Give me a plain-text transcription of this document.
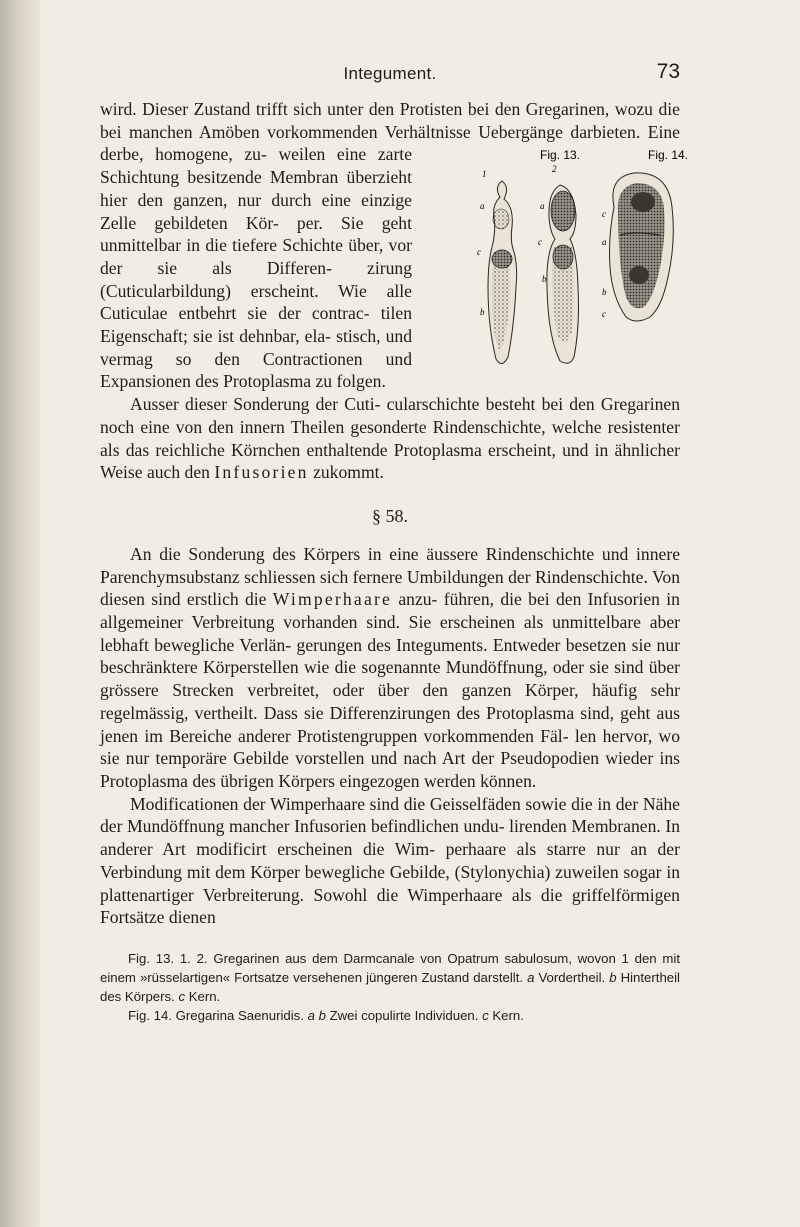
Integument.	73

wird. Dieser Zustand trifft sich unter den Protisten bei den Gregarinen, wozu die bei manchen Amöben vorkommenden Verhältnisse Uebergänge
Fig. 13.	Fig. 14.
1	2
a	a
c
c
b
b
c
a
b
c
darbieten. Eine derbe, homogene, zu- weilen eine zarte Schichtung besitzende Membran überzieht hier den ganzen, nur durch eine einzige Zelle gebildeten Kör- per. Sie geht unmittelbar in die tiefere Schichte über, vor der sie als Differen- zirung (Cuticularbildung) erscheint. Wie alle Cuticulae entbehrt sie der contrac- tilen Eigenschaft; sie ist dehnbar, ela- stisch, und vermag so den Contractionen und Expansionen des Protoplasma zu folgen.

Ausser dieser Sonderung der Cuti- cularschichte besteht bei den Gregarinen noch eine von den innern Theilen gesonderte Rindenschichte, welche resistenter als das reichliche Körnchen enthaltende Protoplasma erscheint, und in ähnlicher Weise auch den Infusorien zukommt.

§ 58.

An die Sonderung des Körpers in eine äussere Rindenschichte und innere Parenchymsubstanz schliessen sich fernere Umbildungen der Rindenschichte. Von diesen sind erstlich die Wimperhaare anzu- führen, die bei den Infusorien in allgemeiner Verbreitung vorhanden sind. Sie erscheinen als unmittelbare aber lebhaft bewegliche Verlän- gerungen des Integuments. Entweder besetzen sie nur beschränktere Körperstellen wie die sogenannte Mundöffnung, oder sie sind über grössere Strecken verbreitet, oder über den ganzen Körper, häufig sehr regelmässig, vertheilt. Dass sie Differenzirungen des Protoplasma sind, geht aus jenen im Bereiche anderer Protistengruppen vorkommenden Fäl- len hervor, wo sie nur temporäre Gebilde vorstellen und nach Art der Pseudopodien wieder ins Protoplasma des übrigen Körpers eingezogen werden können.

Modificationen der Wimperhaare sind die Geisselfäden sowie die in der Nähe der Mundöffnung mancher Infusorien befindlichen undu- lirenden Membranen. In anderer Art modificirt erscheinen die Wim- perhaare als starre nur an der Verbindung mit dem Körper bewegliche Gebilde, (Stylonychia) zuweilen sogar in plattenartiger Verbreiterung. Sowohl die Wimperhaare als die griffelförmigen Fortsätze dienen

Fig. 13. 1. 2. Gregarinen aus dem Darmcanale von Opatrum sabulosum, wovon 1 den mit einem »rüsselartigen« Fortsatze versehenen jüngeren Zustand darstellt. a Vordertheil. b Hintertheil des Körpers. c Kern.

Fig. 14. Gregarina Saenuridis. a b Zwei copulirte Individuen. c Kern.
